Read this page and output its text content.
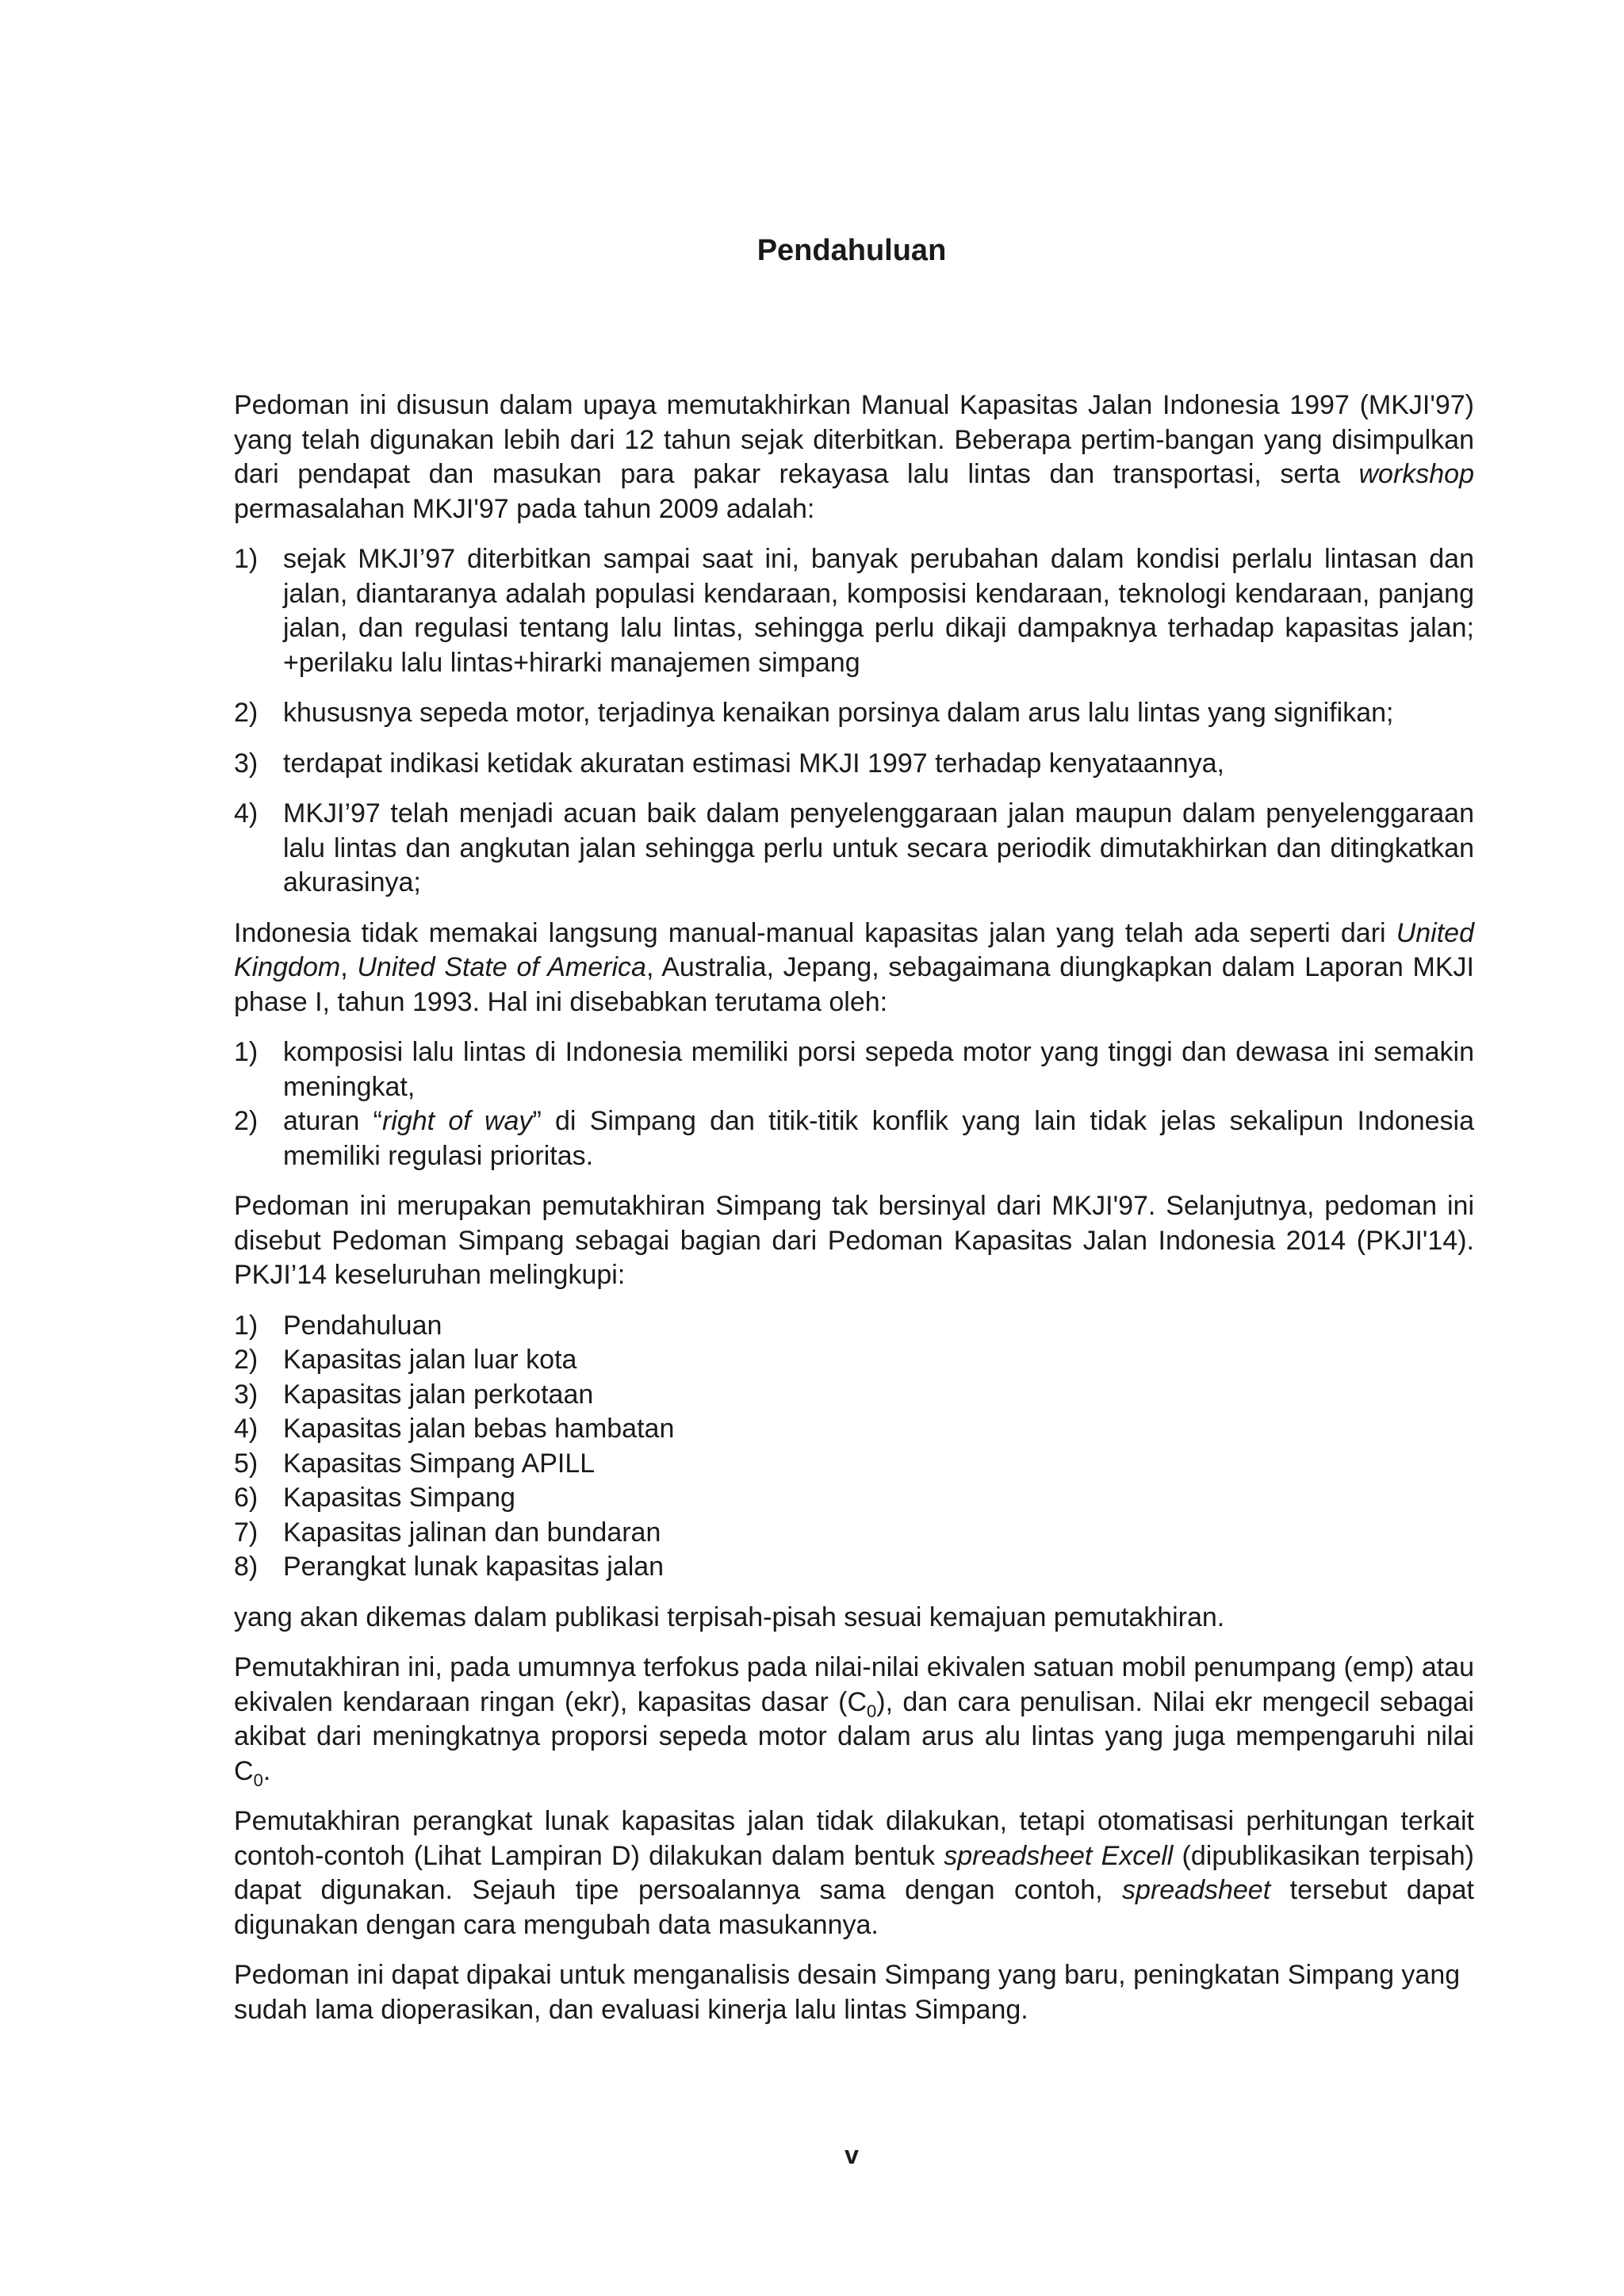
Pendahuluan

Pedoman ini disusun dalam upaya memutakhirkan Manual Kapasitas Jalan Indonesia 1997 (MKJI'97) yang telah digunakan lebih dari 12 tahun sejak diterbitkan. Beberapa pertim-bangan yang disimpulkan dari pendapat dan masukan para pakar rekayasa lalu lintas dan transportasi, serta workshop permasalahan MKJI'97 pada tahun 2009 adalah:

1) sejak MKJI’97 diterbitkan sampai saat ini, banyak perubahan dalam kondisi perlalu lintasan dan jalan, diantaranya adalah populasi kendaraan, komposisi kendaraan, teknologi kendaraan, panjang jalan, dan regulasi tentang lalu lintas, sehingga perlu dikaji dampaknya terhadap kapasitas jalan; +perilaku lalu lintas+hirarki manajemen simpang
2) khususnya sepeda motor, terjadinya kenaikan porsinya dalam arus lalu lintas yang signifikan;
3) terdapat indikasi ketidak akuratan estimasi MKJI 1997 terhadap kenyataannya,
4) MKJI’97 telah menjadi acuan baik dalam penyelenggaraan jalan maupun dalam penyelenggaraan lalu lintas dan angkutan jalan sehingga perlu untuk secara periodik dimutakhirkan dan ditingkatkan akurasinya;

Indonesia tidak memakai langsung manual-manual kapasitas jalan yang telah ada seperti dari United Kingdom, United State of America, Australia, Jepang, sebagaimana diungkapkan dalam Laporan MKJI phase I, tahun 1993. Hal ini disebabkan terutama oleh:

1) komposisi lalu lintas di Indonesia memiliki porsi sepeda motor yang tinggi dan dewasa ini semakin meningkat,
2) aturan “right of way” di Simpang dan titik-titik konflik yang lain tidak jelas sekalipun Indonesia memiliki regulasi prioritas.

Pedoman ini merupakan pemutakhiran Simpang tak bersinyal dari MKJI'97. Selanjutnya, pedoman ini disebut Pedoman Simpang sebagai bagian dari Pedoman Kapasitas Jalan Indonesia 2014 (PKJI'14). PKJI’14 keseluruhan melingkupi:

1) Pendahuluan
2) Kapasitas jalan luar kota
3) Kapasitas jalan perkotaan
4) Kapasitas jalan bebas hambatan
5) Kapasitas Simpang APILL
6) Kapasitas Simpang
7) Kapasitas jalinan dan bundaran
8) Perangkat lunak kapasitas jalan

yang akan dikemas dalam publikasi terpisah-pisah sesuai kemajuan pemutakhiran.

Pemutakhiran ini, pada umumnya terfokus pada nilai-nilai ekivalen satuan mobil penumpang (emp) atau ekivalen kendaraan ringan (ekr), kapasitas dasar $(C_0)$, dan cara penulisan. Nilai ekr mengecil sebagai akibat dari meningkatnya proporsi sepeda motor dalam arus alu lintas yang juga mempengaruhi nilai $C_0$.

Pemutakhiran perangkat lunak kapasitas jalan tidak dilakukan, tetapi otomatisasi perhitungan terkait contoh-contoh (Lihat Lampiran D) dilakukan dalam bentuk spreadsheet Excell (dipublikasikan terpisah) dapat digunakan. Sejauh tipe persoalannya sama dengan contoh, spreadsheet tersebut dapat digunakan dengan cara mengubah data masukannya.

Pedoman ini dapat dipakai untuk menganalisis desain Simpang yang baru, peningkatan Simpang yang sudah lama dioperasikan, dan evaluasi kinerja lalu lintas Simpang.

v
